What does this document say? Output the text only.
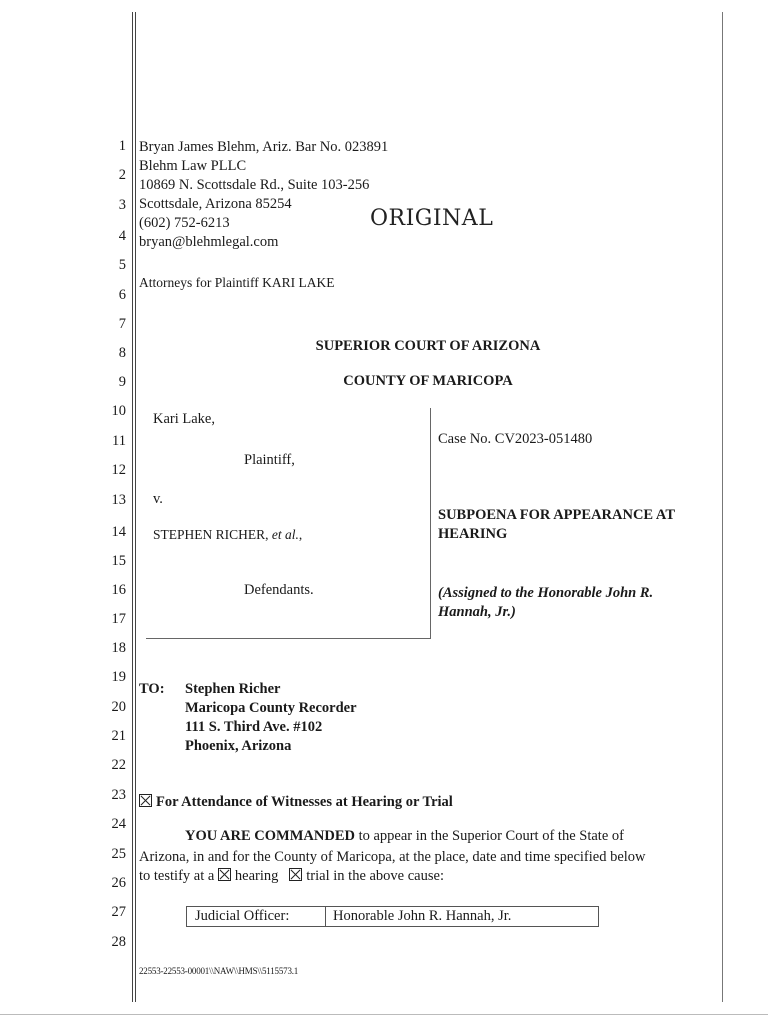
1
2
3
4
5
6
7
8
9
10
11
12
13
14
15
16
17
18
19
20
21
22
23
24
25
26
27
28
Bryan James Blehm, Ariz. Bar No. 023891
Blehm Law PLLC
10869 N. Scottsdale Rd., Suite 103-256
Scottsdale, Arizona 85254
(602) 752-6213
bryan@blehmlegal.com
Attorneys for Plaintiff KARI LAKE
ORIGINAL
SUPERIOR COURT OF ARIZONA
COUNTY OF MARICOPA
Kari Lake,
Plaintiff,
v.
STEPHEN RICHER, et al.,
Defendants.
Case No. CV2023-051480
SUBPOENA FOR APPEARANCE AT
HEARING
(Assigned to the Honorable John R.
Hannah, Jr.)
TO: Stephen Richer
Maricopa County Recorder
111 S. Third Ave. #102
Phoenix, Arizona
For Attendance of Witnesses at Hearing or Trial
YOU ARE COMMANDED to appear in the Superior Court of the State of
Arizona, in and for the County of Maricopa, at the place, date and time specified below
to testify at a hearing trial in the above cause:
Judicial Officer:	Honorable John R. Hannah, Jr.
22553-22553-00001\\NAW\\HMS\\5115573.1
